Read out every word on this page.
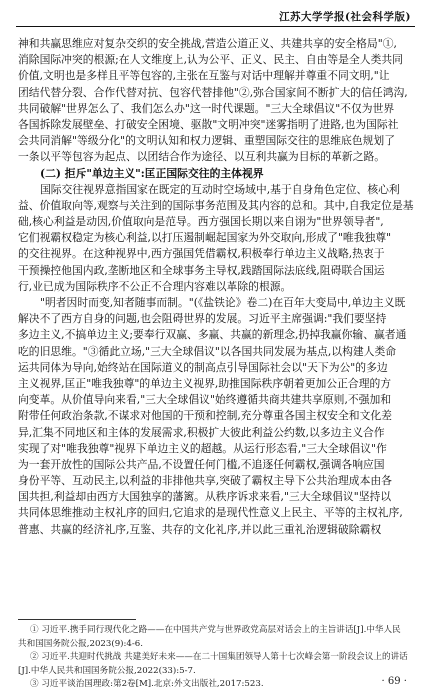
江苏大学学报(社会科学版)
神和共赢思维应对复杂交织的安全挑战,营造公道正义、共建共享的安全格局"①,
消除国际冲突的根源;在人文维度上,认为公平、正义、民主、自由等是全人类共同
价值,文明也是多样且平等包容的,主张在互鉴与对话中理解并尊重不同文明,"让
团结代替分裂、合作代替对抗、包容代替排他"②,弥合国家间不断扩大的信任鸿沟,
共同破解"世界怎么了、我们怎么办"这一时代课题。"三大全球倡议"不仅为世界
各国拆除发展壁垒、打破安全困境、驱散"文明冲突"迷雾指明了进路,也为国际社
会共同消解"等级分化"的文明认知和权力逻辑、重塑国际交往的思维底色规划了
一条以平等包容为起点、以团结合作为途径、以互利共赢为目标的革新之路。
(二) 拒斥"单边主义":匡正国际交往的主体视界
国际交往视界意指国家在既定的互动时空场域中,基于自身角色定位、核心利
益、价值取向等,观察与关注到的国际事务范围及其内容的总和。其中,自我定位是基
础,核心利益是动因,价值取向是范导。西方强国长期以来自诩为"世界领导者",
它们视霸权稳定为核心利益,以打压遏制崛起国家为外交取向,形成了"唯我独尊"
的交往视界。在这种视界中,西方强国凭借霸权,积极奉行单边主义战略,热衷于
干预操控他国内政,垄断地区和全球事务主导权,践踏国际法底线,阻碍联合国运
行,业已成为国际秩序不公正不合理内容难以革除的根源。
"明者因时而变,知者随事而制。"(《盐铁论》卷二)在百年大变局中,单边主义既
解决不了西方自身的问题,也会阻碍世界的发展。习近平主席强调:"我们要坚持
多边主义,不搞单边主义;要奉行双赢、多赢、共赢的新理念,扔掉我赢你输、赢者通
吃的旧思维。"③循此立场,"三大全球倡议"以各国共同发展为基点,以构建人类命
运共同体为导向,始终站在国际道义的制高点引导国际社会以"天下为公"的多边
主义视界,匡正"唯我独尊"的单边主义视界,助推国际秩序朝着更加公正合理的方
向变革。从价值导向来看,"三大全球倡议"始终遵循共商共建共享原则,不强加和
附带任何政治条款,不谋求对他国的干预和控制,充分尊重各国主权安全和文化差
异,汇集不同地区和主体的发展需求,积极扩大彼此利益公约数,以多边主义合作
实现了对"唯我独尊"视界下单边主义的超越。从运行形态看,"三大全球倡议"作
为一套开放性的国际公共产品,不设置任何门槛,不追逐任何霸权,强调各响应国
身份平等、互动民主,以利益的非排他共享,突破了霸权主导下公共治理成本由各
国共担,利益却由西方大国独享的藩篱。从秩序诉求来看,"三大全球倡议"坚持以
共同体思维推动主权礼序的回归,它追求的是现代性意义上民主、平等的主权礼序,
普惠、共赢的经济礼序,互鉴、共存的文化礼序,并以此三重礼治逻辑破除霸权
① 习近平.携手同行现代化之路——在中国共产党与世界政党高层对话会上的主旨讲话[J].中华人民
共和国国务院公报,2023(9):4-6.
② 习近平.共迎时代挑战 共建美好未来——在二十国集团领导人第十七次峰会第一阶段会议上的讲话
[J].中华人民共和国国务院公报,2022(33):5-7.
③ 习近平谈治国理政:第2卷[M].北京:外文出版社,2017:523.	· 69 ·
